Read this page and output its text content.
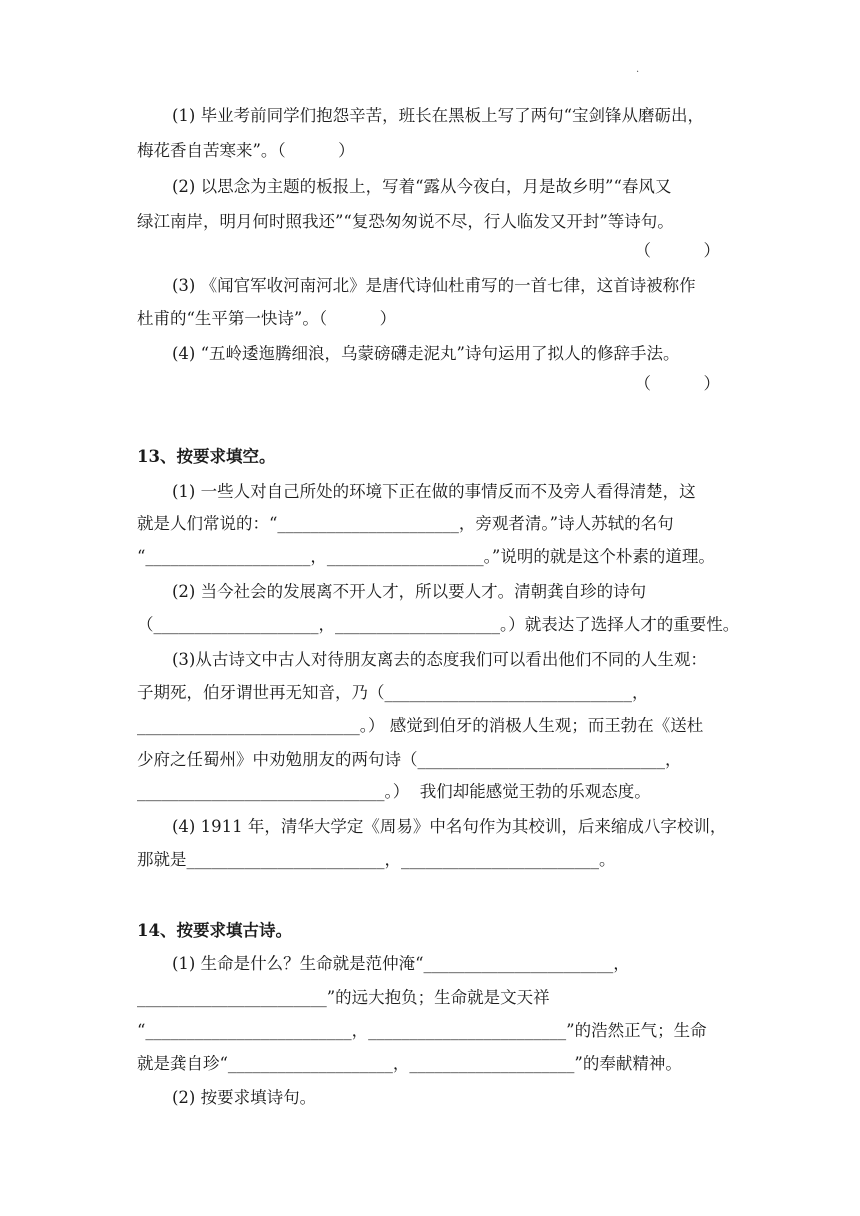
.
(1) 毕业考前同学们抱怨辛苦，班长在黑板上写了两句“宝剑锋从磨砺出，
梅花香自苦寒来”。（          ）
(2) 以思念为主题的板报上，写着“露从今夜白，月是故乡明”“春风又
绿江南岸，明月何时照我还”“复恐匆匆说不尽，行人临发又开封”等诗句。
（          ）
(3) 《闻官军收河南河北》是唐代诗仙杜甫写的一首七律，这首诗被称作
杜甫的“生平第一快诗”。（          ）
(4) “五岭逶迤腾细浪，乌蒙磅礴走泥丸”诗句运用了拟人的修辞手法。
（          ）
13、按要求填空。
(1) 一些人对自己所处的环境下正在做的事情反而不及旁人看得清楚，这
就是人们常说的：“______________________，旁观者清。”诗人苏轼的名句
“____________________，___________________。”说明的就是这个朴素的道理。
(2) 当今社会的发展离不开人才，所以要人才。清朝龚自珍的诗句
（____________________，____________________。）就表达了选择人才的重要性。
(3)从古诗文中古人对待朋友离去的态度我们可以看出他们不同的人生观：
子期死，伯牙谓世再无知音，乃（______________________________，
___________________________。） 感觉到伯牙的消极人生观；而王勃在《送杜
少府之任蜀州》中劝勉朋友的两句诗（______________________________，
______________________________。）  我们却能感觉王勃的乐观态度。
(4) 1911 年，清华大学定《周易》中名句作为其校训，后来缩成八字校训，
那就是________________________，________________________。
14、按要求填古诗。
(1) 生命是什么？生命就是范仲淹“_______________________，
_______________________”的远大抱负；生命就是文天祥
“_________________________，________________________”的浩然正气；生命
就是龚自珍“____________________，____________________”的奉献精神。
(2) 按要求填诗句。
